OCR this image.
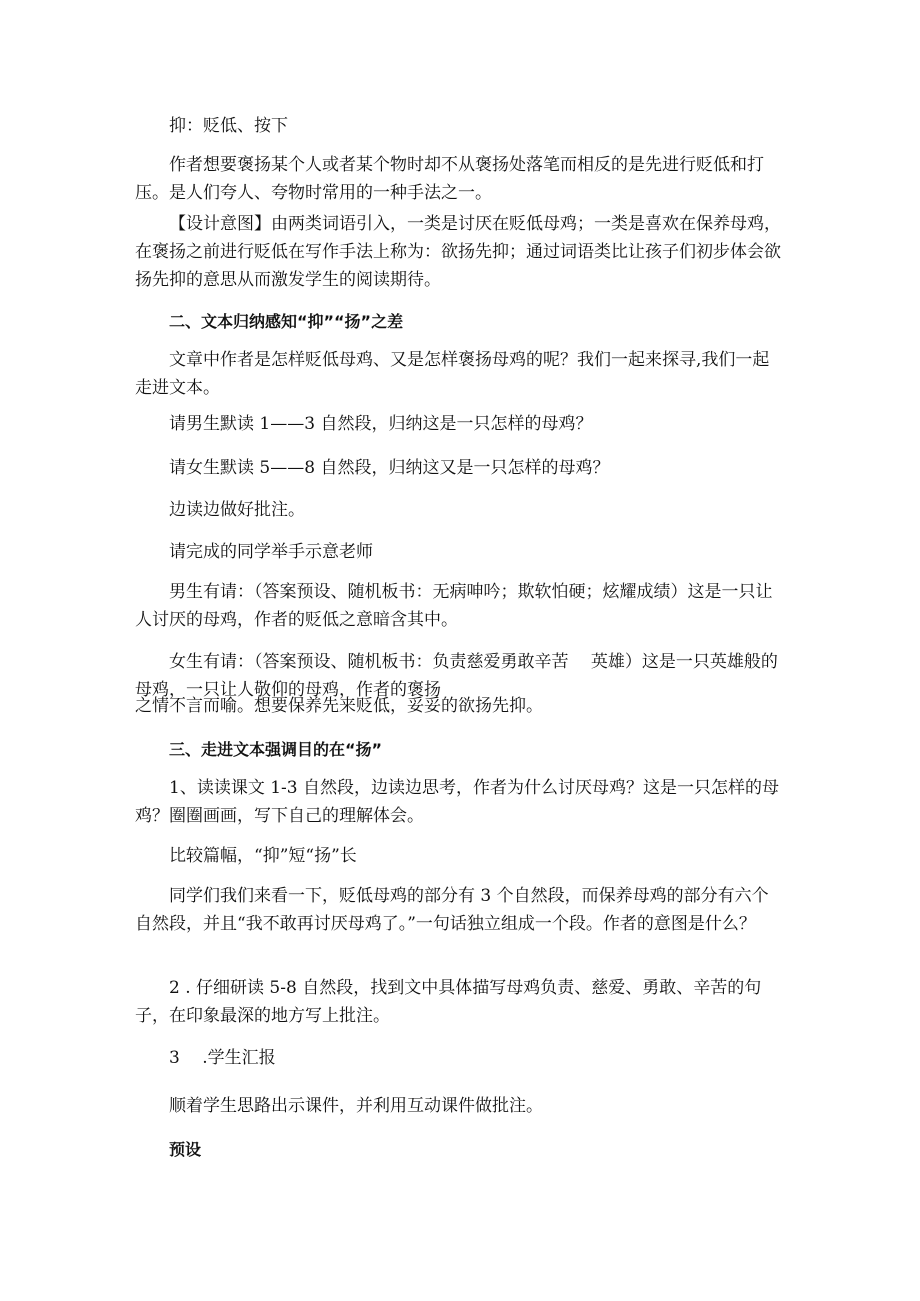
抑：贬低、按下

作者想要褒扬某个人或者某个物时却不从褒扬处落笔而相反的是先进行贬低和打压。是人们夸人、夸物时常用的一种手法之一。

【设计意图】由两类词语引入，一类是讨厌在贬低母鸡；一类是喜欢在保养母鸡，在褒扬之前进行贬低在写作手法上称为：欲扬先抑；通过词语类比让孩子们初步体会欲扬先抑的意思从而激发学生的阅读期待。

二、文本归纳感知“抑”“扬”之差

文章中作者是怎样贬低母鸡、又是怎样褒扬母鸡的呢？我们一起来探寻,我们一起走进文本。

请男生默读 1——3 自然段，归纳这是一只怎样的母鸡？

请女生默读 5——8 自然段，归纳这又是一只怎样的母鸡？

边读边做好批注。

请完成的同学举手示意老师

男生有请：（答案预设、随机板书：无病呻吟；欺软怕硬；炫耀成绩）这是一只让人讨厌的母鸡，作者的贬低之意暗含其中。

女生有请：（答案预设、随机板书：负责慈爱勇敢辛苦　 英雄）这是一只英雄般的母鸡，一只让人敬仰的母鸡，作者的褒扬

之情不言而喻。想要保养先来贬低，妥妥的欲扬先抑。

三、走进文本强调目的在“扬”

1、读读课文 1-3 自然段，边读边思考，作者为什么讨厌母鸡？这是一只怎样的母鸡？圈圈画画，写下自己的理解体会。

比较篇幅，“抑”短“扬”长

同学们我们来看一下，贬低母鸡的部分有 3 个自然段，而保养母鸡的部分有六个自然段，并且“我不敢再讨厌母鸡了。”一句话独立组成一个段。作者的意图是什么？

2 . 仔细研读 5-8 自然段，找到文中具体描写母鸡负责、慈爱、勇敢、辛苦的句子，在印象最深的地方写上批注。

3　 .学生汇报

顺着学生思路出示课件，并利用互动课件做批注。

预设
